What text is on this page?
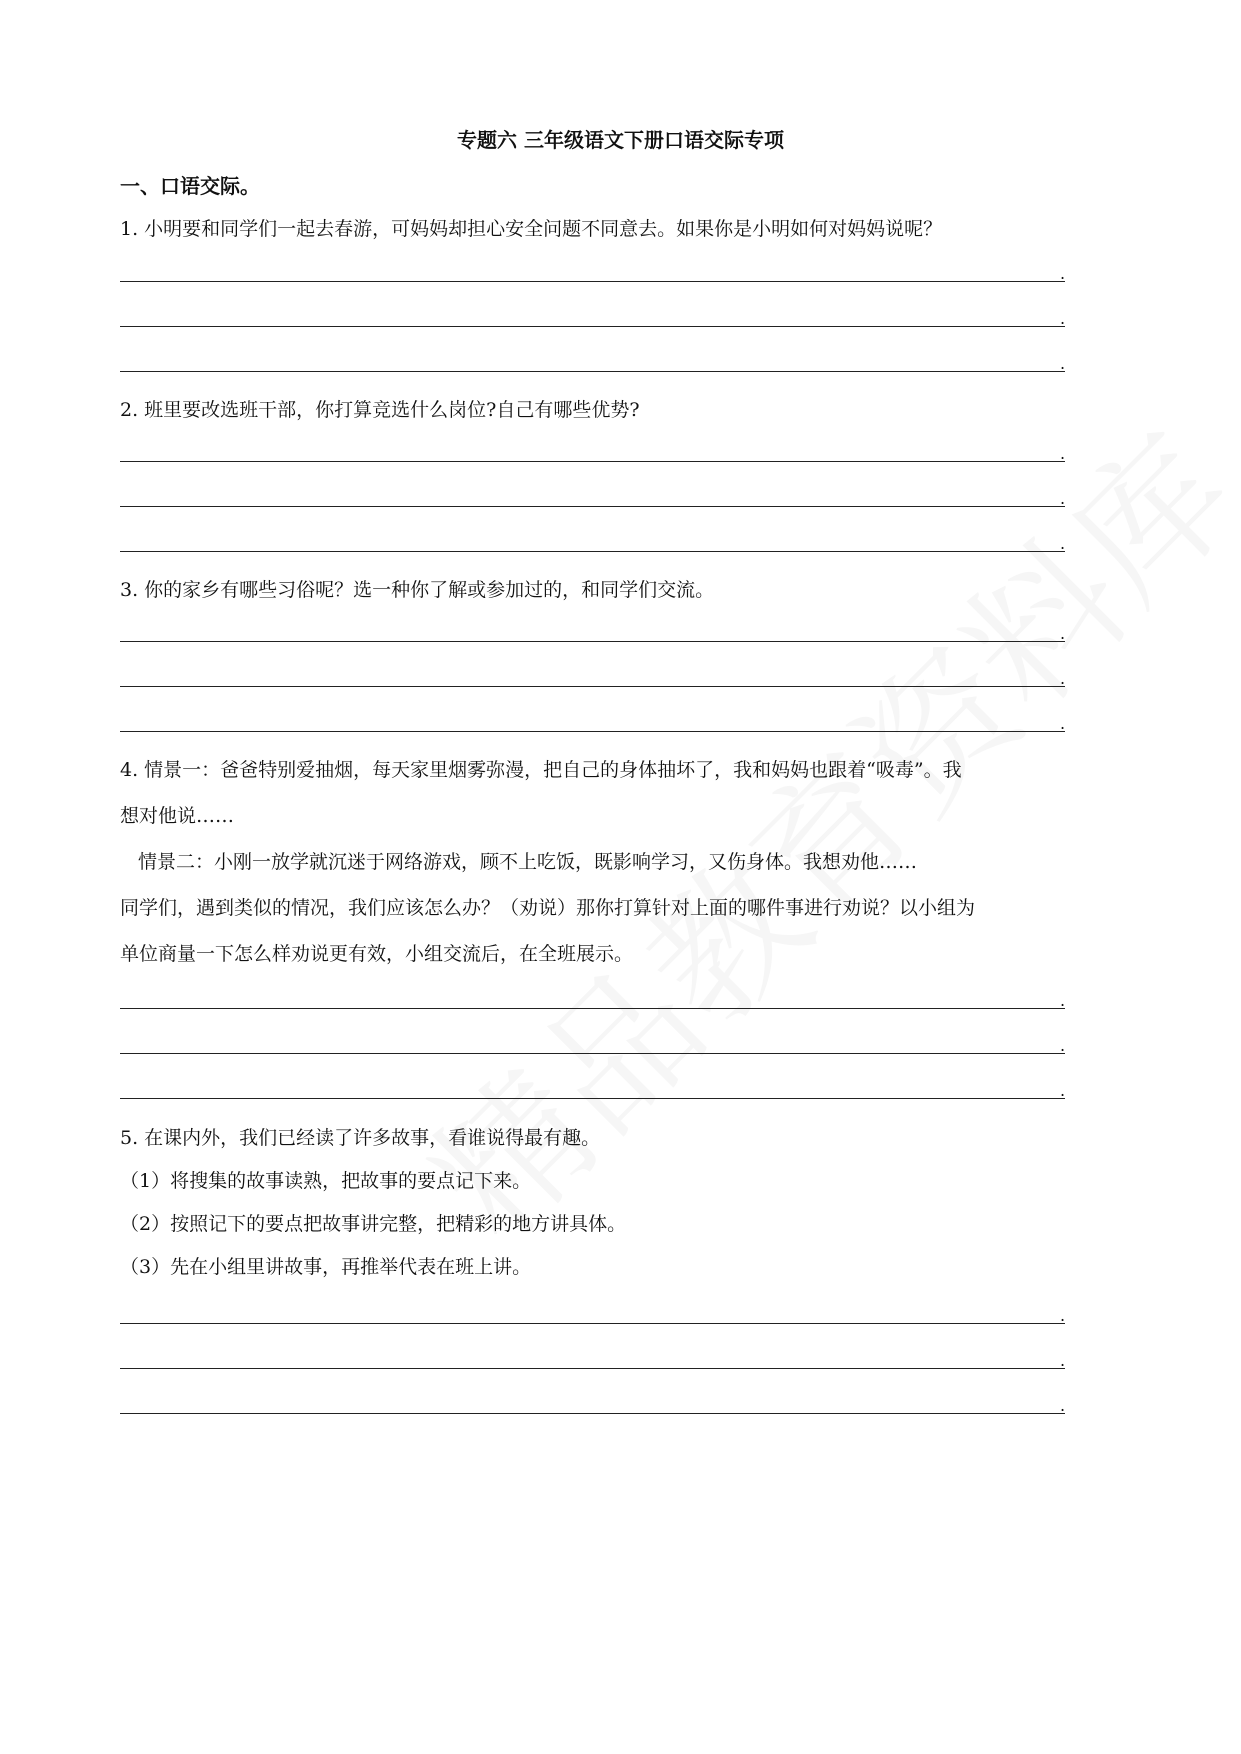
专题六 三年级语文下册口语交际专项
一、口语交际。
1. 小明要和同学们一起去春游，可妈妈却担心安全问题不同意去。如果你是小明如何对妈妈说呢？
.
.
.
2. 班里要改选班干部，你打算竞选什么岗位?自己有哪些优势?
.
.
.
3. 你的家乡有哪些习俗呢？选一种你了解或参加过的，和同学们交流。
.
.
.
4. 情景一：爸爸特别爱抽烟，每天家里烟雾弥漫，把自己的身体抽坏了，我和妈妈也跟着“吸毒”。我
想对他说……
情景二：小刚一放学就沉迷于网络游戏，顾不上吃饭，既影响学习，又伤身体。我想劝他……
同学们，遇到类似的情况，我们应该怎么办？（劝说）那你打算针对上面的哪件事进行劝说？以小组为
单位商量一下怎么样劝说更有效，小组交流后，在全班展示。
.
.
.
5. 在课内外，我们已经读了许多故事，看谁说得最有趣。
（1）将搜集的故事读熟，把故事的要点记下来。
（2）按照记下的要点把故事讲完整，把精彩的地方讲具体。
（3）先在小组里讲故事，再推举代表在班上讲。
.
.
.
